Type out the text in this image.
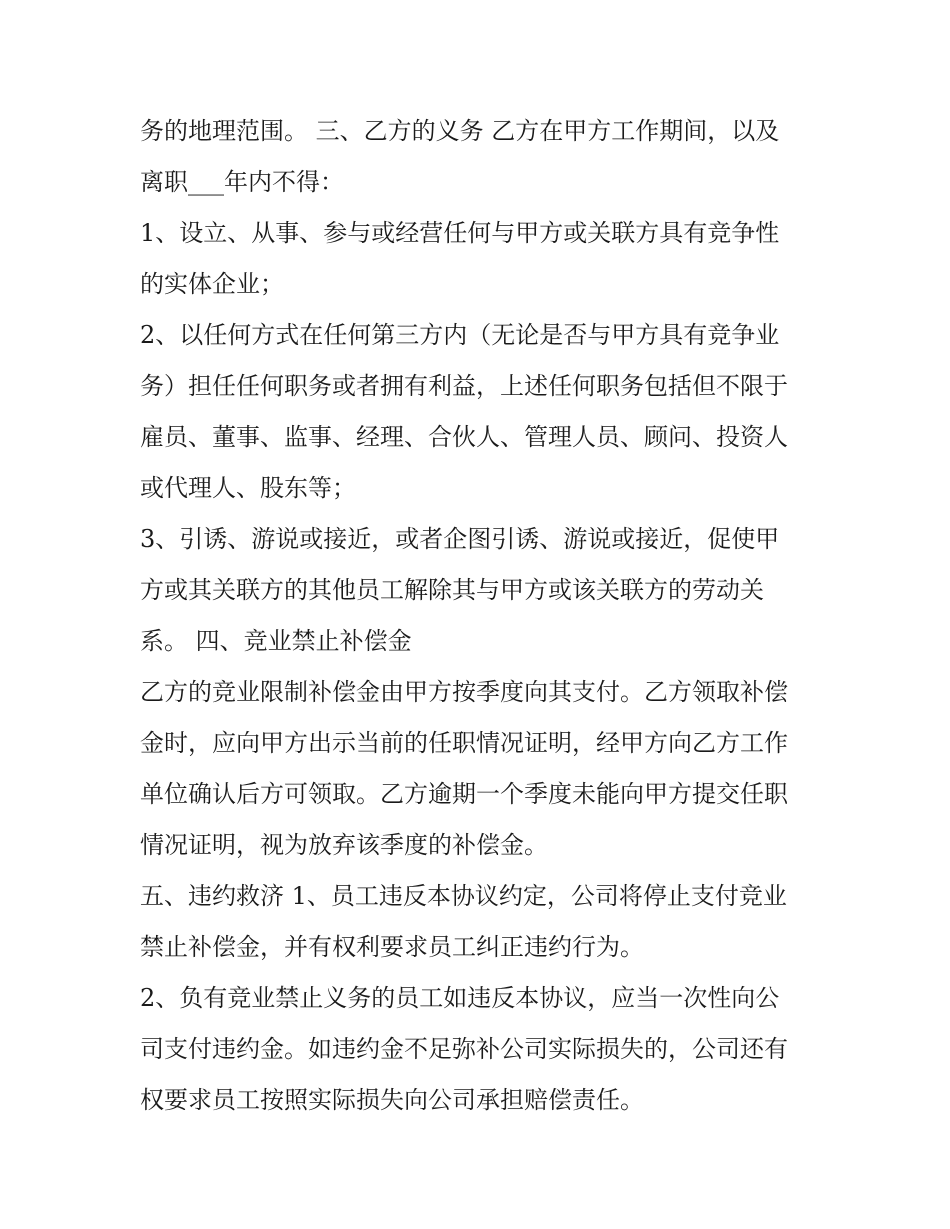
务的地理范围。 三、乙方的义务 乙方在甲方工作期间，以及
离职___年内不得：
1、设立、从事、参与或经营任何与甲方或关联方具有竞争性
的实体企业；
2、以任何方式在任何第三方内（无论是否与甲方具有竞争业
务）担任任何职务或者拥有利益，上述任何职务包括但不限于
雇员、董事、监事、经理、合伙人、管理人员、顾问、投资人
或代理人、股东等；
3、引诱、游说或接近，或者企图引诱、游说或接近，促使甲
方或其关联方的其他员工解除其与甲方或该关联方的劳动关
系。 四、竞业禁止补偿金
乙方的竞业限制补偿金由甲方按季度向其支付。乙方领取补偿
金时，应向甲方出示当前的任职情况证明，经甲方向乙方工作
单位确认后方可领取。乙方逾期一个季度未能向甲方提交任职
情况证明，视为放弃该季度的补偿金。
五、违约救济 1、员工违反本协议约定，公司将停止支付竞业
禁止补偿金，并有权利要求员工纠正违约行为。
2、负有竞业禁止义务的员工如违反本协议，应当一次性向公
司支付违约金。如违约金不足弥补公司实际损失的，公司还有
权要求员工按照实际损失向公司承担赔偿责任。
